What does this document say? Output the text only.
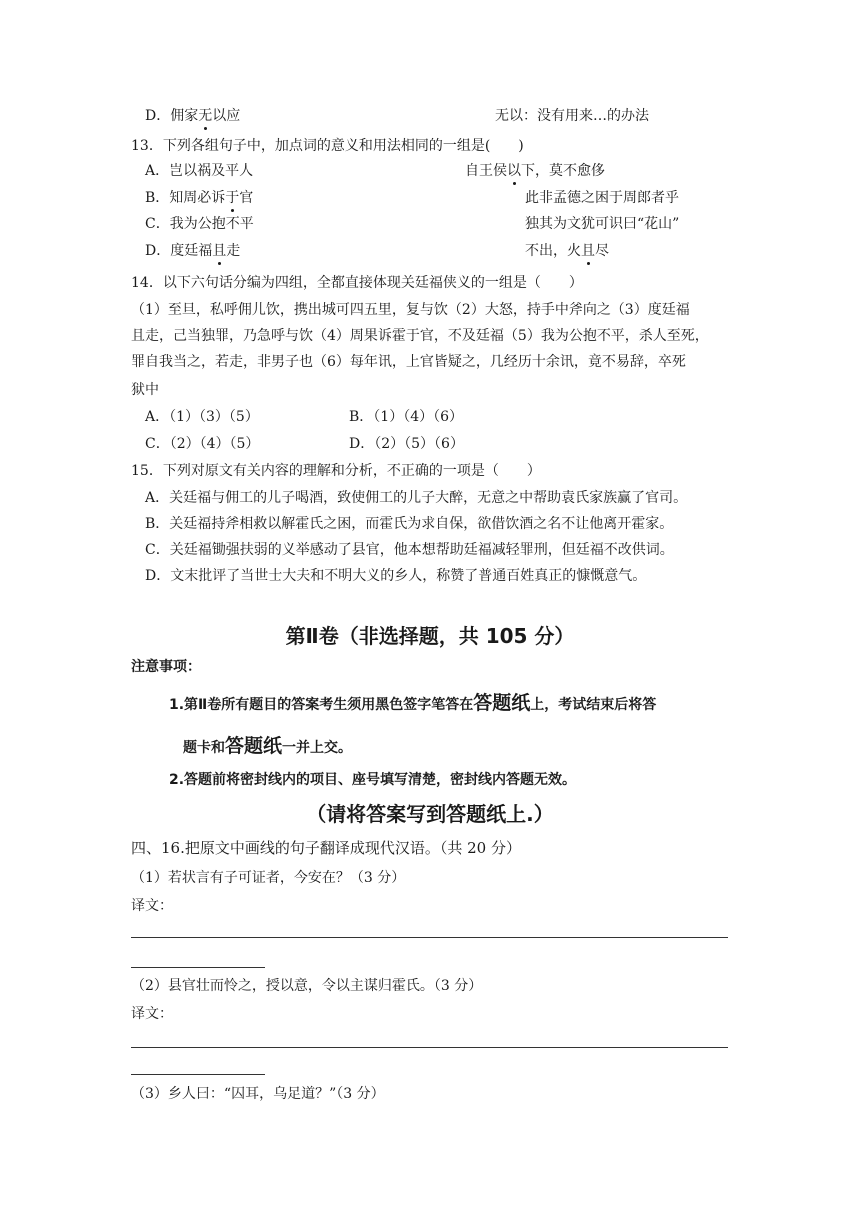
D．佣家无以应	无以：没有用来…的办法
13．下列各组句子中，加点词的意义和用法相同的一组是(　　)
A．岂以祸及平人	自王侯以下，莫不愈侈
B．知周必诉于官	此非孟德之困于周郎者乎
C．我为公抱不平	独其为文犹可识曰“花山”
D．度廷福且走	不出，火且尽
14．以下六句话分编为四组，全都直接体现关廷福侠义的一组是（　　）
（1）至旦，私呼佣儿饮，携出城可四五里，复与饮（2）大怒，持手中斧向之（3）度廷福
且走，己当独罪，乃急呼与饮（4）周果诉霍于官，不及廷福（5）我为公抱不平，杀人至死，
罪自我当之，若走，非男子也（6）每年讯，上官皆疑之，几经历十余讯，竟不易辞，卒死
狱中
A．（1）（3）（5）	B．（1）（4）（6）
C．（2）（4）（5）	D．（2）（5）（6）
15．下列对原文有关内容的理解和分析，不正确的一项是（　　）
A．关廷福与佣工的儿子喝酒，致使佣工的儿子大醉，无意之中帮助袁氏家族赢了官司。
B．关廷福持斧相救以解霍氏之困，而霍氏为求自保，欲借饮酒之名不让他离开霍家。
C．关廷福锄强扶弱的义举感动了县官，他本想帮助廷福减轻罪刑，但廷福不改供词。
D．文末批评了当世士大夫和不明大义的乡人，称赞了普通百姓真正的慷慨意气。
第Ⅱ卷（非选择题，共 105 分）
注意事项：
1.第Ⅱ卷所有题目的答案考生须用黑色签字笔答在答题纸上，考试结束后将答
题卡和答题纸一并上交。
2.答题前将密封线内的项目、座号填写清楚，密封线内答题无效。
（请将答案写到答题纸上.）
四、16.把原文中画线的句子翻译成现代汉语。（共 20 分）
（1）若状言有子可证者，今安在？（3 分）
译文：
（2）县官壮而怜之，授以意，令以主谋归霍氏。（3 分）
译文：
（3）乡人曰：“囚耳，乌足道？”（3 分）
